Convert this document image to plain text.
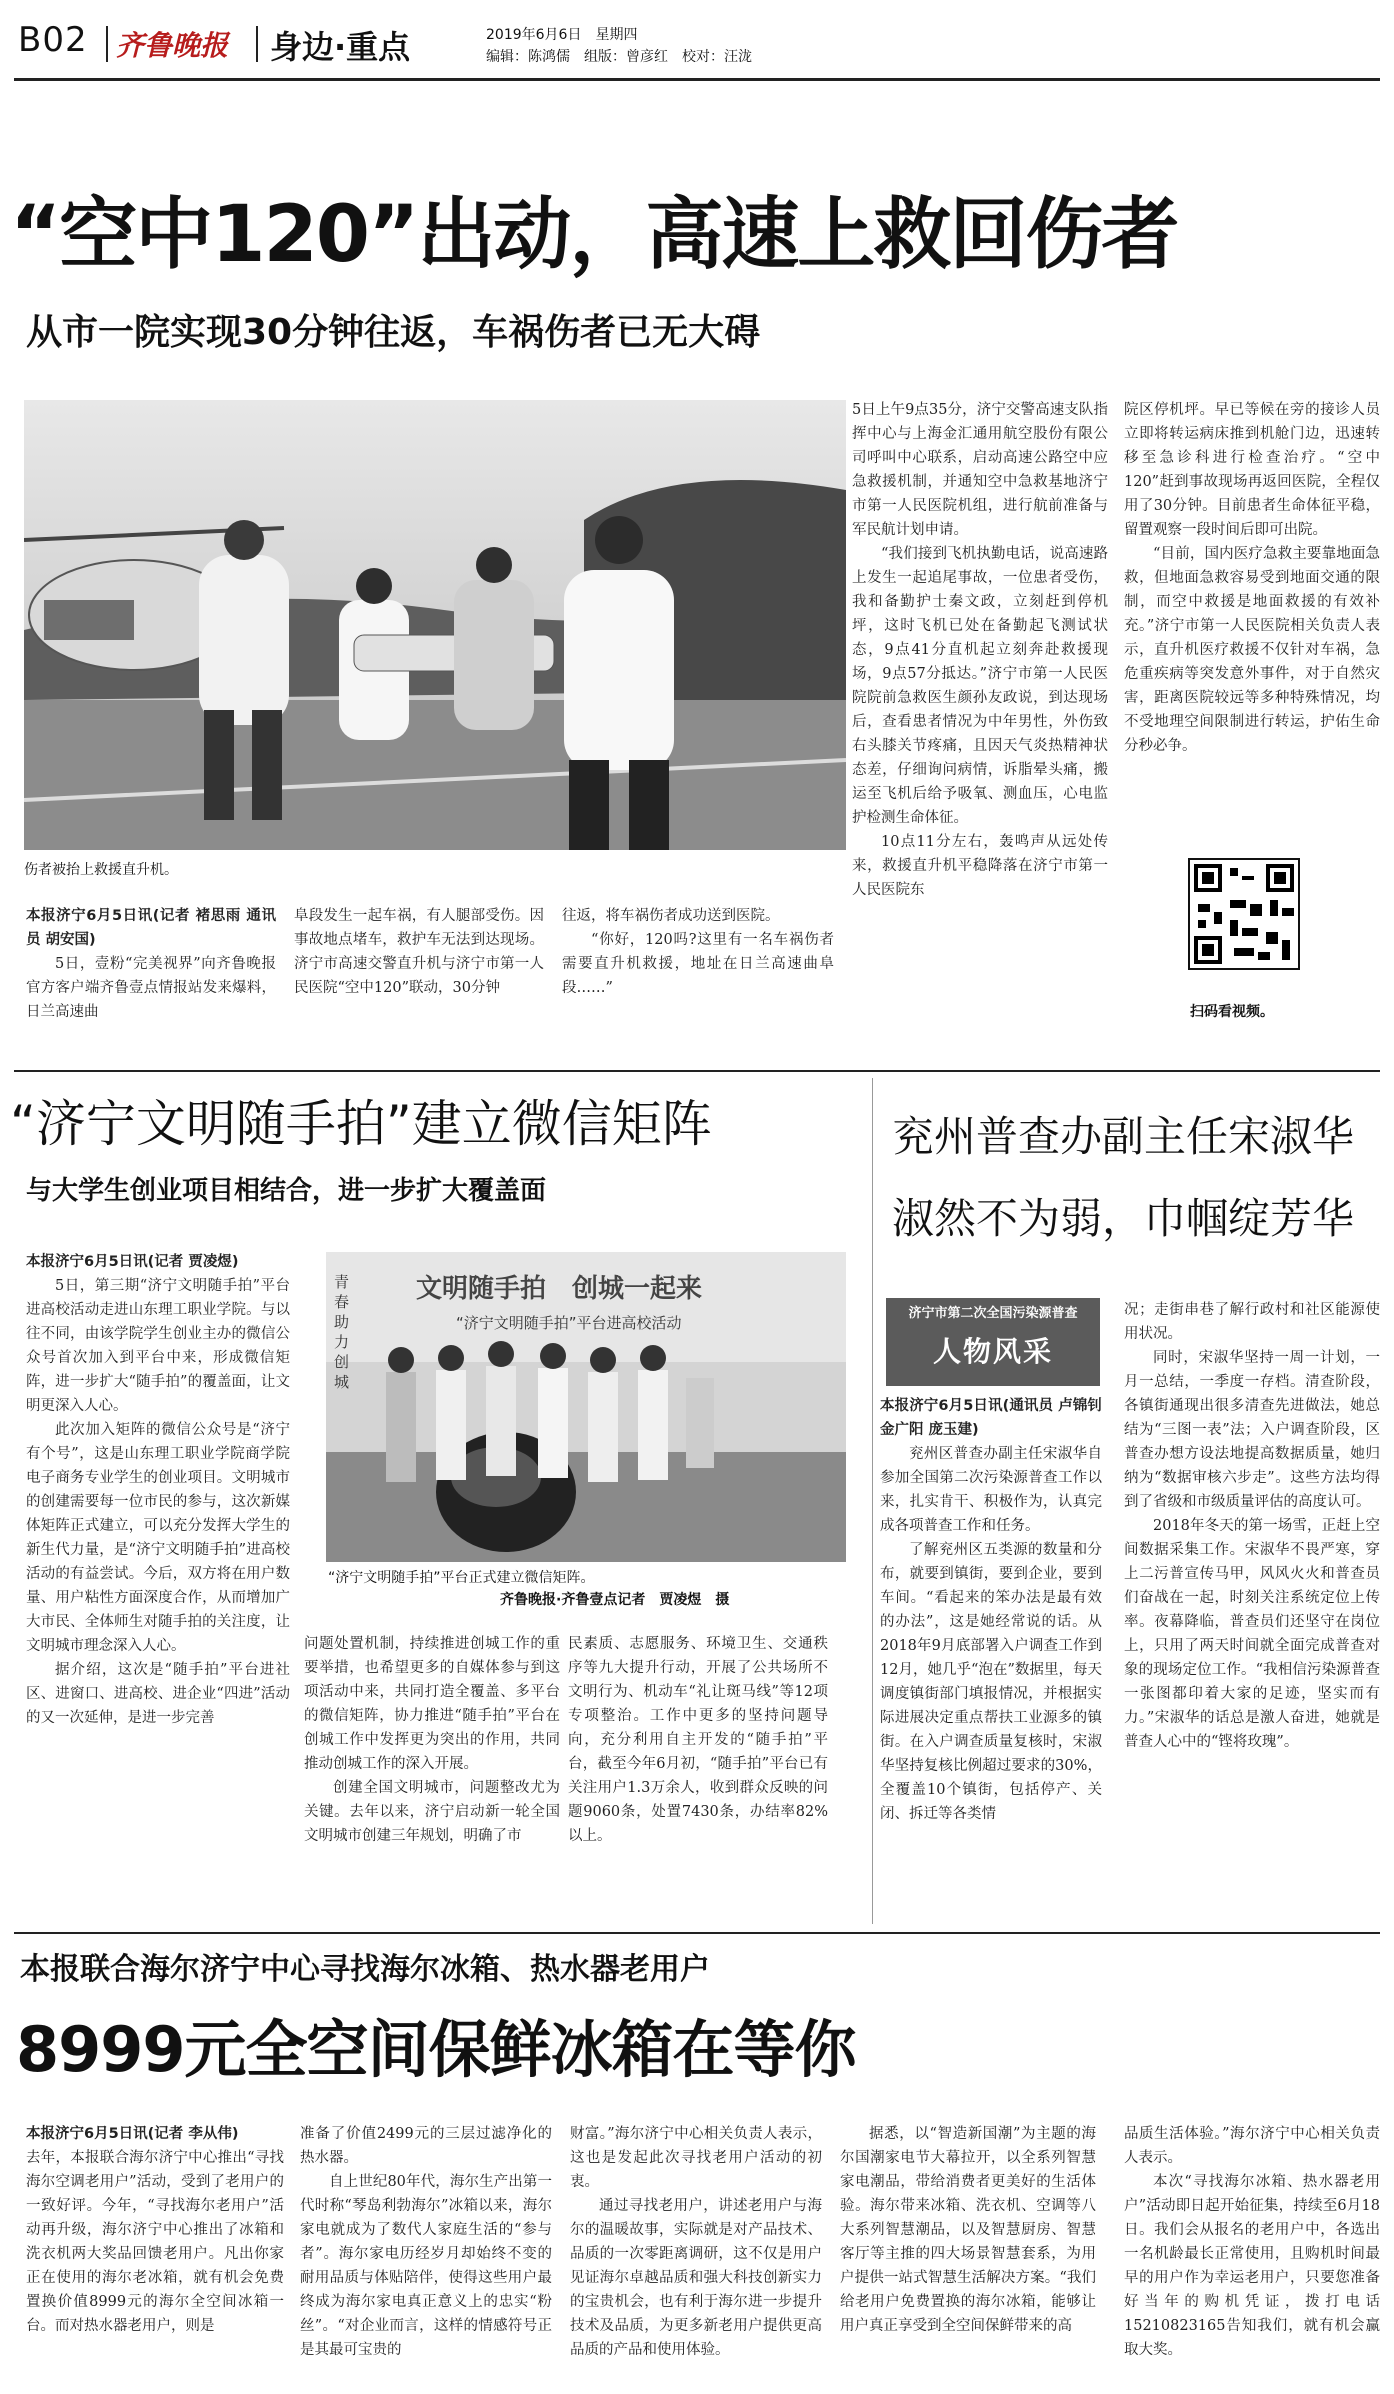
B02 齐鲁晚报 身边·重点	2019年6月6日　星期四
编辑：陈鸿儒　组版：曾彦红　校对：汪泷
“空中120”出动，高速上救回伤者
从市一院实现30分钟往返，车祸伤者已无大碍
伤者被抬上救援直升机。

本报济宁6月5日讯(记者 褚思雨 通讯员 胡安国)

5日，壹粉“完美视界”向齐鲁晚报官方客户端齐鲁壹点情报站发来爆料，日兰高速曲

阜段发生一起车祸，有人腿部受伤。因事故地点堵车，救护车无法到达现场。济宁市高速交警直升机与济宁市第一人民医院“空中120”联动，30分钟

往返，将车祸伤者成功送到医院。

“你好，120吗?这里有一名车祸伤者需要直升机救援，地址在日兰高速曲阜段……”

5日上午9点35分，济宁交警高速支队指挥中心与上海金汇通用航空股份有限公司呼叫中心联系，启动高速公路空中应急救援机制，并通知空中急救基地济宁市第一人民医院机组，进行航前准备与军民航计划申请。

“我们接到飞机执勤电话，说高速路上发生一起追尾事故，一位患者受伤，我和备勤护士秦文政，立刻赶到停机坪，这时飞机已处在备勤起飞测试状态，9点41分直机起立刻奔赴救援现场，9点57分抵达。”济宁市第一人民医院院前急救医生颜孙友政说，到达现场后，查看患者情况为中年男性，外伤致右头膝关节疼痛，且因天气炎热精神状态差，仔细询问病情，诉脂晕头痛，搬运至飞机后给予吸氧、测血压，心电监护检测生命体征。

10点11分左右，轰鸣声从远处传来，救援直升机平稳降落在济宁市第一人民医院东

院区停机坪。早已等候在旁的接诊人员立即将转运病床推到机舱门边，迅速转移至急诊科进行检查治疗。“空中120”赶到事故现场再返回医院，全程仅用了30分钟。目前患者生命体征平稳，留置观察一段时间后即可出院。

“目前，国内医疗急救主要靠地面急救，但地面急救容易受到地面交通的限制，而空中救援是地面救援的有效补充。”济宁市第一人民医院相关负责人表示，直升机医疗救援不仅针对车祸，急危重疾病等突发意外事件，对于自然灾害，距离医院较远等多种特殊情况，均不受地理空间限制进行转运，护佑生命分秒必争。

扫码看视频。
“济宁文明随手拍”建立微信矩阵
与大学生创业项目相结合，进一步扩大覆盖面

本报济宁6月5日讯(记者 贾凌煜)

5日，第三期“济宁文明随手拍”平台进高校活动走进山东理工职业学院。与以往不同，由该学院学生创业主办的微信公众号首次加入到平台中来，形成微信矩阵，进一步扩大“随手拍”的覆盖面，让文明更深入人心。

此次加入矩阵的微信公众号是“济宁有个号”，这是山东理工职业学院商学院电子商务专业学生的创业项目。文明城市的创建需要每一位市民的参与，这次新媒体矩阵正式建立，可以充分发挥大学生的新生代力量，是“济宁文明随手拍”进高校活动的有益尝试。今后，双方将在用户数量、用户粘性方面深度合作，从而增加广大市民、全体师生对随手拍的关注度，让文明城市理念深入人心。

据介绍，这次是“随手拍”平台进社区、进窗口、进高校、进企业“四进”活动的又一次延伸，是进一步完善

文明随手拍　创城一起来
“济宁文明随手拍”平台进高校活动
青春助力创城
“济宁文明随手拍”平台正式建立微信矩阵。
齐鲁晚报·齐鲁壹点记者　贾凌煜　摄

问题处置机制，持续推进创城工作的重要举措，也希望更多的自媒体参与到这项活动中来，共同打造全覆盖、多平台的微信矩阵，协力推进“随手拍”平台在创城工作中发挥更为突出的作用，共同推动创城工作的深入开展。

创建全国文明城市，问题整改尤为关键。去年以来，济宁启动新一轮全国文明城市创建三年规划，明确了市

民素质、志愿服务、环境卫生、交通秩序等九大提升行动，开展了公共场所不文明行为、机动车“礼让斑马线”等12项专项整治。工作中更多的坚持问题导向，充分利用自主开发的“随手拍”平台，截至今年6月初，“随手拍”平台已有关注用户1.3万余人，收到群众反映的问题9060条，处置7430条，办结率82%以上。

兖州普查办副主任宋淑华
淑然不为弱，巾帼绽芳华
济宁市第二次全国污染源普查
人物风采

本报济宁6月5日讯(通讯员 卢锦钊 金广阳 庞玉建)

兖州区普查办副主任宋淑华自参加全国第二次污染源普查工作以来，扎实肯干、积极作为，认真完成各项普查工作和任务。

了解兖州区五类源的数量和分布，就要到镇街，要到企业，要到车间。“看起来的笨办法是最有效的办法”，这是她经常说的话。从2018年9月底部署入户调查工作到12月，她几乎“泡在”数据里，每天调度镇街部门填报情况，并根据实际进展决定重点帮扶工业源多的镇街。在入户调查质量复核时，宋淑华坚持复核比例超过要求的30%，全覆盖10个镇街，包括停产、关闭、拆迁等各类情

况；走街串巷了解行政村和社区能源使用状况。

同时，宋淑华坚持一周一计划，一月一总结，一季度一存档。清查阶段，各镇街通现出很多清查先进做法，她总结为“三图一表”法；入户调查阶段，区普查办想方设法地提高数据质量，她归纳为“数据审核六步走”。这些方法均得到了省级和市级质量评估的高度认可。

2018年冬天的第一场雪，正赶上空间数据采集工作。宋淑华不畏严寒，穿上二污普宣传马甲，风风火火和普查员们奋战在一起，时刻关注系统定位上传率。夜幕降临，普查员们还坚守在岗位上，只用了两天时间就全面完成普查对象的现场定位工作。“我相信污染源普查一张图都印着大家的足迹，坚实而有力。”宋淑华的话总是激人奋进，她就是普查人心中的“铿将玫瑰”。

本报联合海尔济宁中心寻找海尔冰箱、热水器老用户
8999元全空间保鲜冰箱在等你

本报济宁6月5日讯(记者 李从伟)

去年，本报联合海尔济宁中心推出“寻找海尔空调老用户”活动，受到了老用户的一致好评。今年，“寻找海尔老用户”活动再升级，海尔济宁中心推出了冰箱和洗衣机两大奖品回馈老用户。凡出你家正在使用的海尔老冰箱，就有机会免费置换价值8999元的海尔全空间冰箱一台。而对热水器老用户，则是

准备了价值2499元的三层过滤净化的热水器。

自上世纪80年代，海尔生产出第一代时称“琴岛利勃海尔”冰箱以来，海尔家电就成为了数代人家庭生活的“参与者”。海尔家电历经岁月却始终不变的耐用品质与体贴陪伴，使得这些用户最终成为海尔家电真正意义上的忠实“粉丝”。“对企业而言，这样的情感符号正是其最可宝贵的

财富。”海尔济宁中心相关负责人表示，这也是发起此次寻找老用户活动的初衷。

通过寻找老用户，讲述老用户与海尔的温暖故事，实际就是对产品技术、品质的一次零距离调研，这不仅是用户见证海尔卓越品质和强大科技创新实力的宝贵机会，也有利于海尔进一步提升技术及品质，为更多新老用户提供更高品质的产品和使用体验。

据悉，以“智造新国潮”为主题的海尔国潮家电节大幕拉开，以全系列智慧家电潮品，带给消费者更美好的生活体验。海尔带来冰箱、洗衣机、空调等八大系列智慧潮品，以及智慧厨房、智慧客厅等主推的四大场景智慧套系，为用户提供一站式智慧生活解决方案。“我们给老用户免费置换的海尔冰箱，能够让用户真正享受到全空间保鲜带来的高

品质生活体验。”海尔济宁中心相关负责人表示。

本次“寻找海尔冰箱、热水器老用户”活动即日起开始征集，持续至6月18日。我们会从报名的老用户中，各选出一名机龄最长正常使用，且购机时间最早的用户作为幸运老用户，只要您准备好当年的购机凭证，拨打电话15210823165告知我们，就有机会赢取大奖。
